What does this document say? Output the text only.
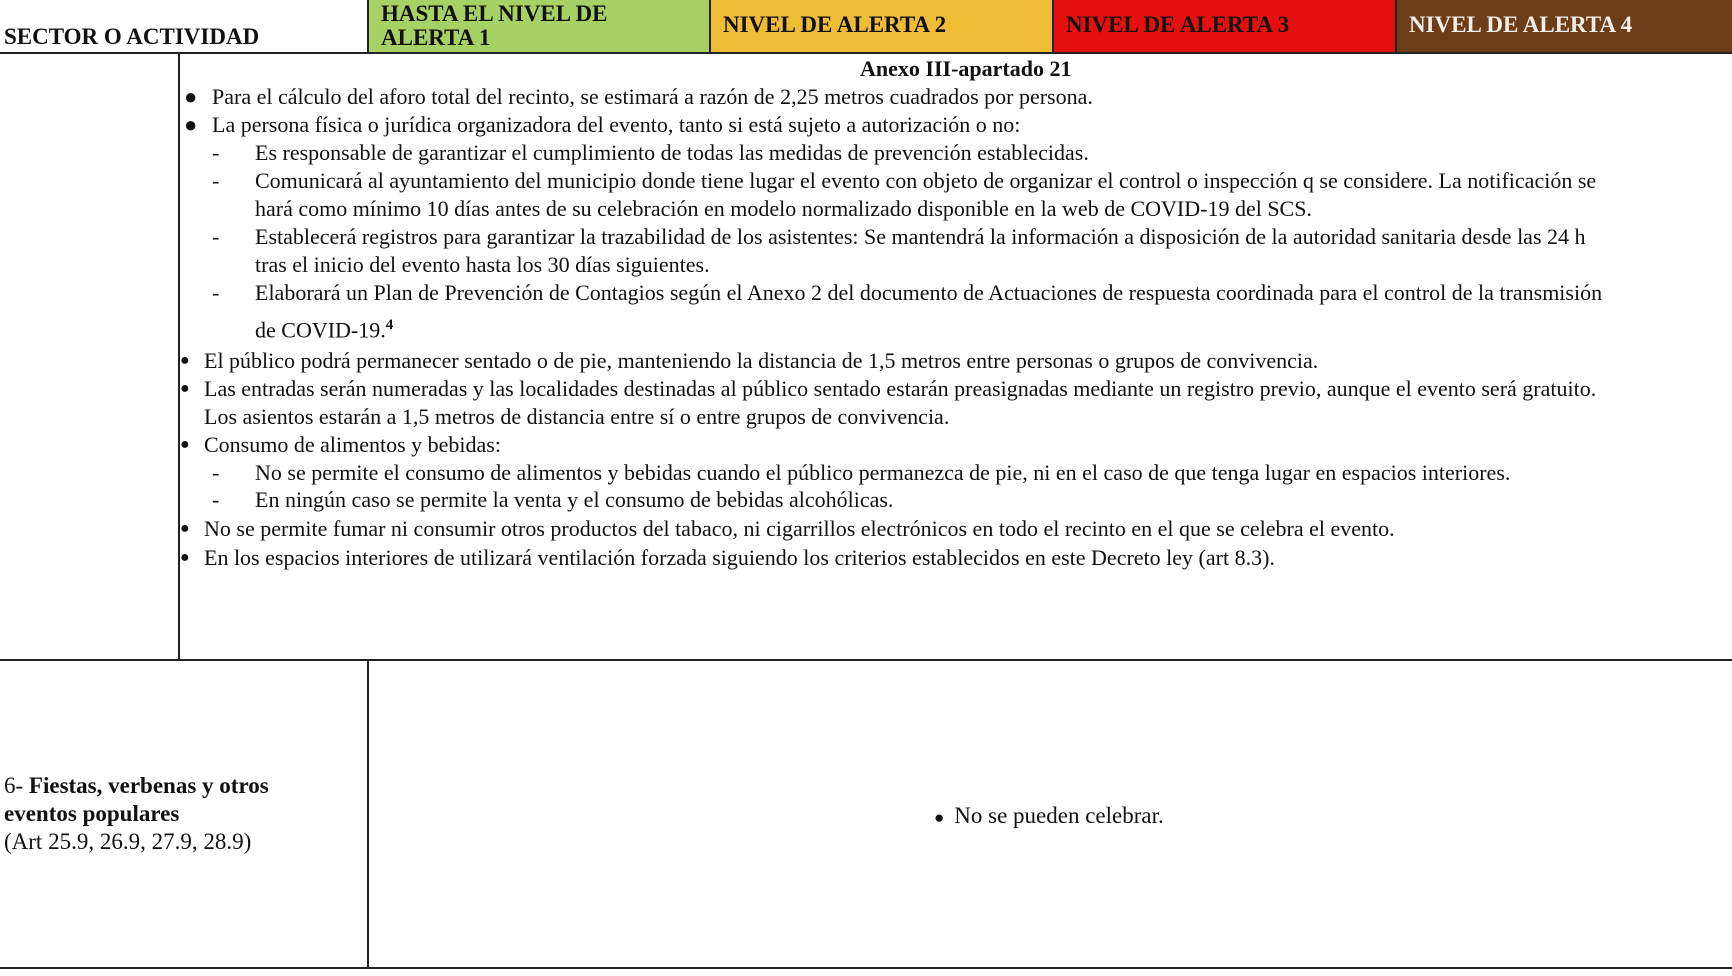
SECTOR O ACTIVIDAD
HASTA EL NIVEL DE
ALERTA 1
NIVEL DE ALERTA 2	NIVEL DE ALERTA 3	NIVEL DE ALERTA 4
Anexo III-apartado 21
● Para el cálculo del aforo total del recinto, se estimará a razón de 2,25 metros cuadrados por persona.
● La persona física o jurídica organizadora del evento, tanto si está sujeto a autorización o no:
- Es responsable de garantizar el cumplimiento de todas las medidas de prevención establecidas.
- Comunicará al ayuntamiento del municipio donde tiene lugar el evento con objeto de organizar el control o inspección q se considere. La notificación se
hará como mínimo 10 días antes de su celebración en modelo normalizado disponible en la web de COVID-19 del SCS.
- Establecerá registros para garantizar la trazabilidad de los asistentes: Se mantendrá la información a disposición de la autoridad sanitaria desde las 24 h
tras el inicio del evento hasta los 30 días siguientes.
- Elaborará un Plan de Prevención de Contagios según el Anexo 2 del documento de Actuaciones de respuesta coordinada para el control de la transmisión
de COVID-19.$^4$
● El público podrá permanecer sentado o de pie, manteniendo la distancia de 1,5 metros entre personas o grupos de convivencia.
● Las entradas serán numeradas y las localidades destinadas al público sentado estarán preasignadas mediante un registro previo, aunque el evento será gratuito.
Los asientos estarán a 1,5 metros de distancia entre sí o entre grupos de convivencia.
● Consumo de alimentos y bebidas:
- No se permite el consumo de alimentos y bebidas cuando el público permanezca de pie, ni en el caso de que tenga lugar en espacios interiores.
- En ningún caso se permite la venta y el consumo de bebidas alcohólicas.
● No se permite fumar ni consumir otros productos del tabaco, ni cigarrillos electrónicos en todo el recinto en el que se celebra el evento.
● En los espacios interiores de utilizará ventilación forzada siguiendo los criterios establecidos en este Decreto ley (art 8.3).
6- Fiestas, verbenas y otros
eventos populares
(Art 25.9, 26.9, 27.9, 28.9)
● No se pueden celebrar.
